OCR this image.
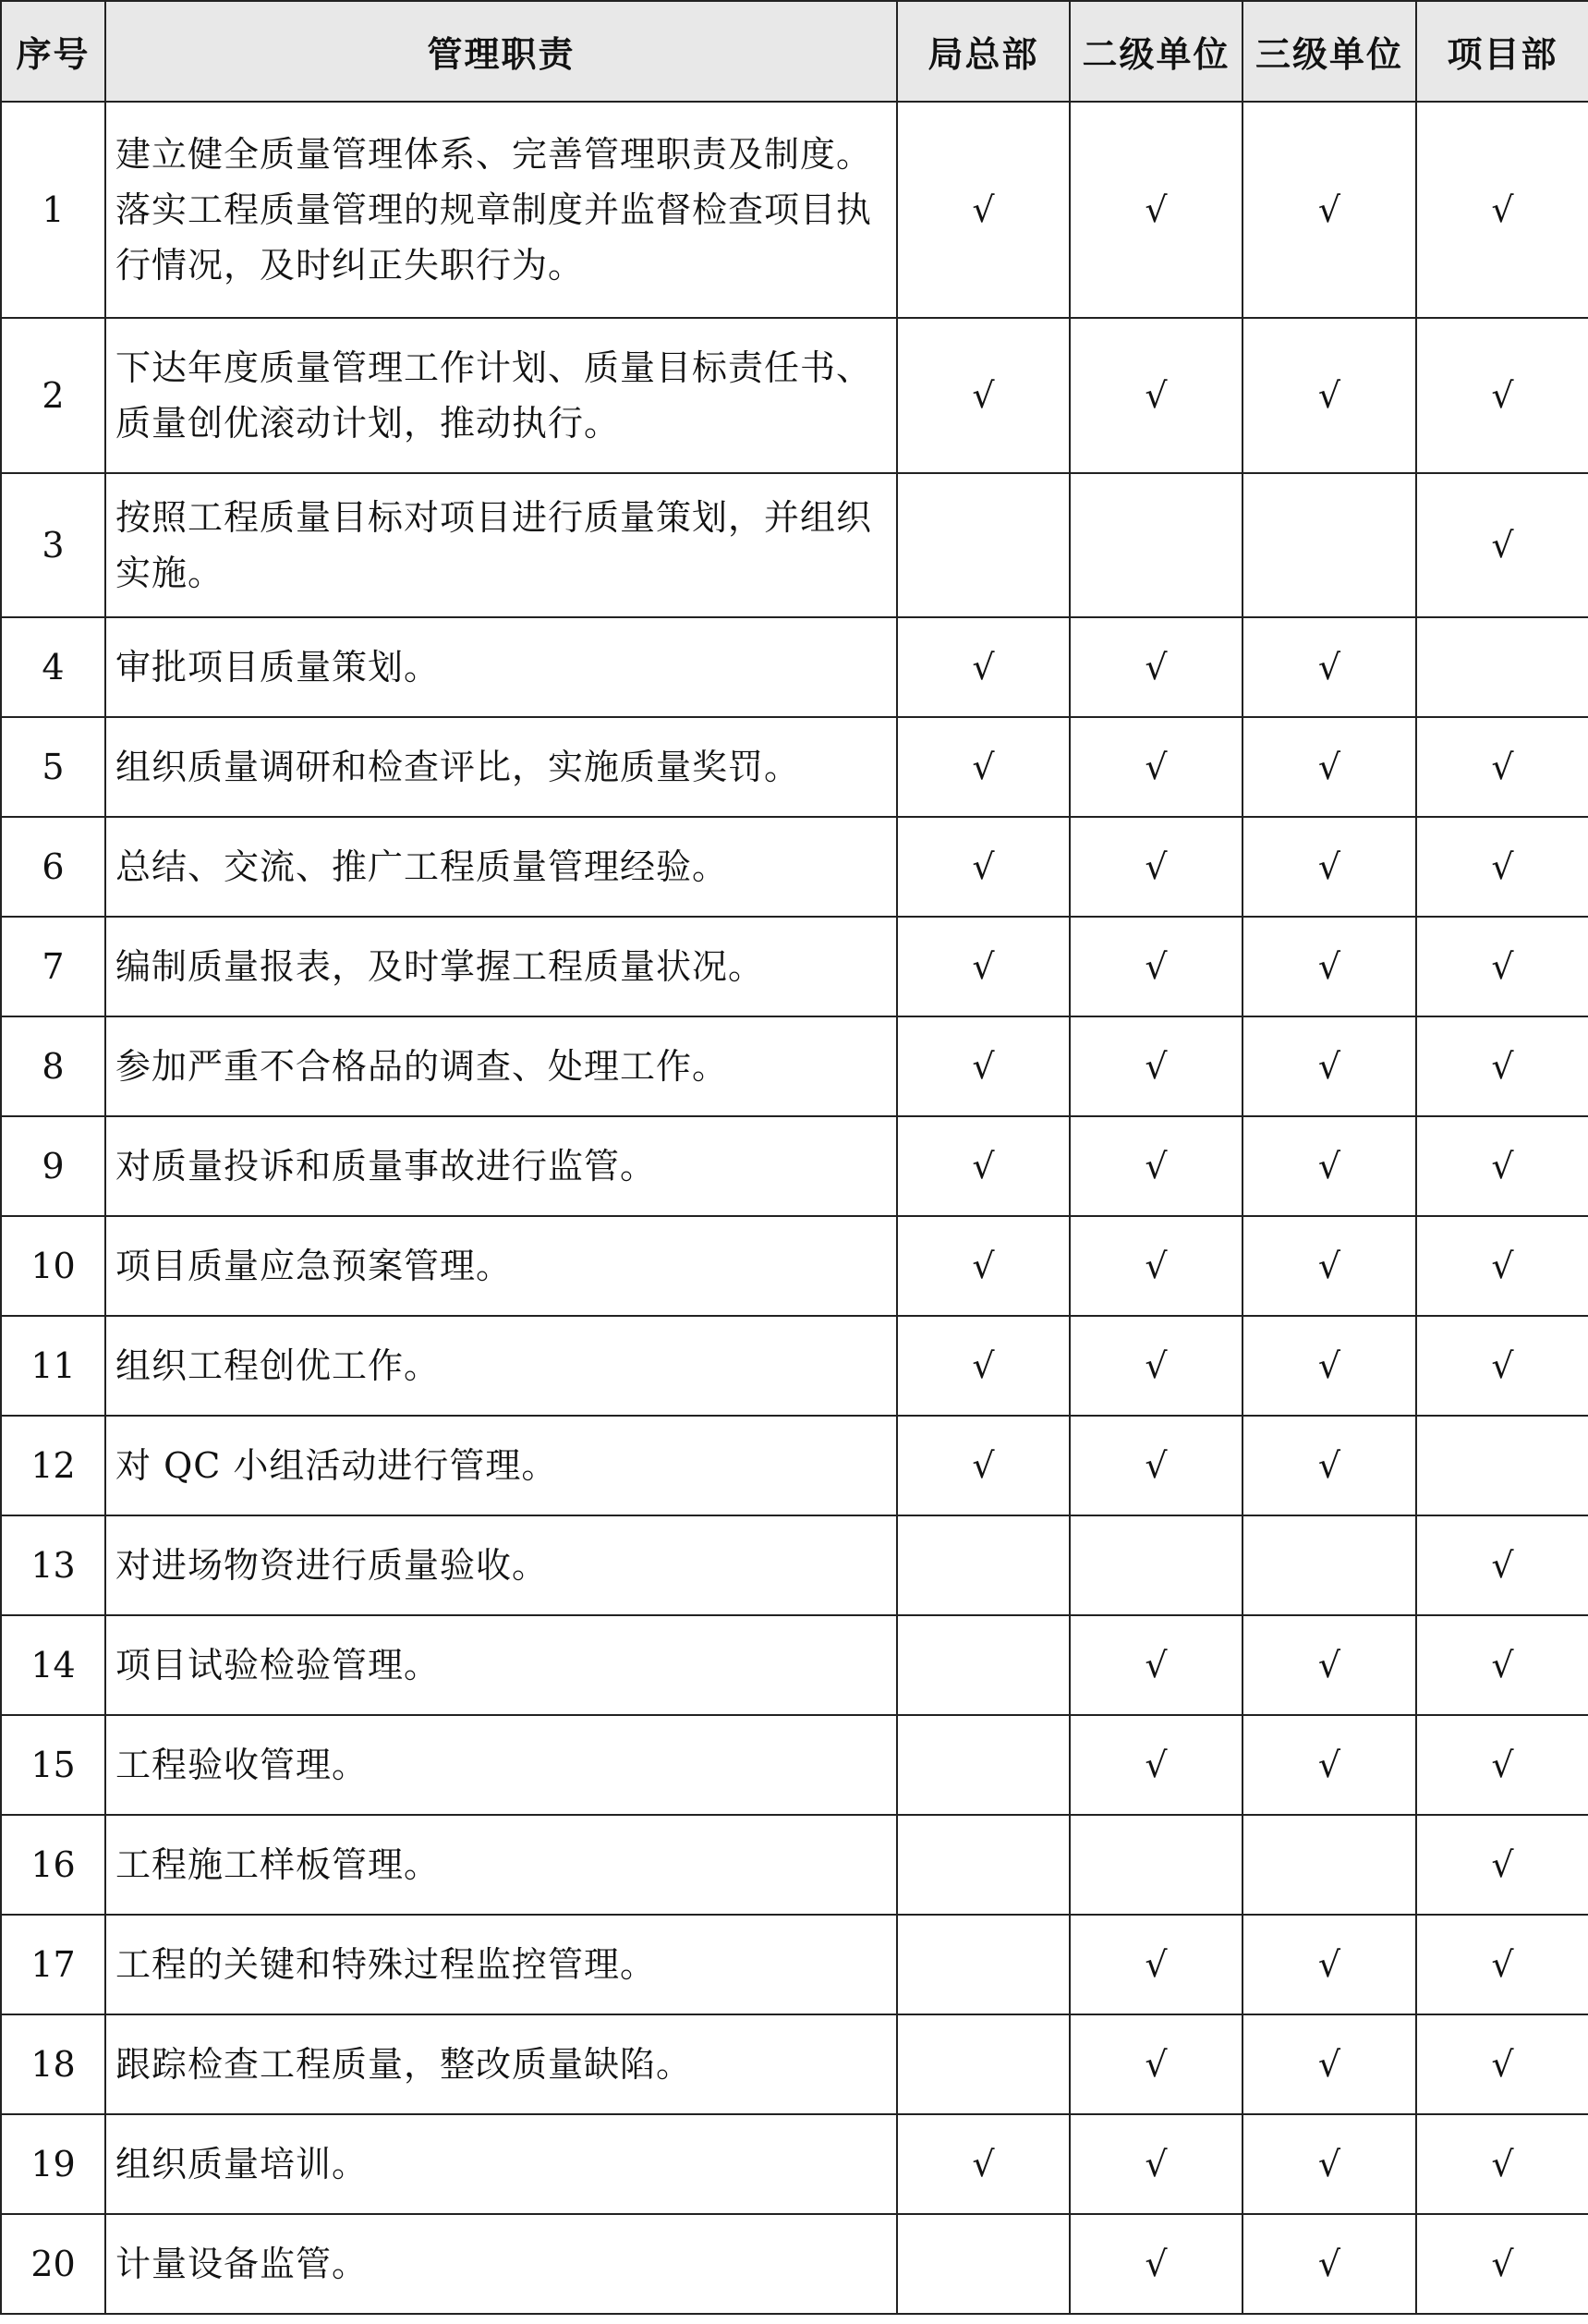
序号	管理职责	局总部	二级单位	三级单位	项目部
1	建立健全质量管理体系、完善管理职责及制度。落实工程质量管理的规章制度并监督检查项目执行情况，及时纠正失职行为。	√	√	√	√
2	下达年度质量管理工作计划、质量目标责任书、质量创优滚动计划，推动执行。	√	√	√	√
3	按照工程质量目标对项目进行质量策划，并组织实施。				√
4	审批项目质量策划。	√	√	√	
5	组织质量调研和检查评比，实施质量奖罚。	√	√	√	√
6	总结、交流、推广工程质量管理经验。	√	√	√	√
7	编制质量报表，及时掌握工程质量状况。	√	√	√	√
8	参加严重不合格品的调查、处理工作。	√	√	√	√
9	对质量投诉和质量事故进行监管。	√	√	√	√
10	项目质量应急预案管理。	√	√	√	√
11	组织工程创优工作。	√	√	√	√
12	对 QC 小组活动进行管理。	√	√	√	
13	对进场物资进行质量验收。				√
14	项目试验检验管理。		√	√	√
15	工程验收管理。		√	√	√
16	工程施工样板管理。				√
17	工程的关键和特殊过程监控管理。		√	√	√
18	跟踪检查工程质量，整改质量缺陷。		√	√	√
19	组织质量培训。	√	√	√	√
20	计量设备监管。		√	√	√
